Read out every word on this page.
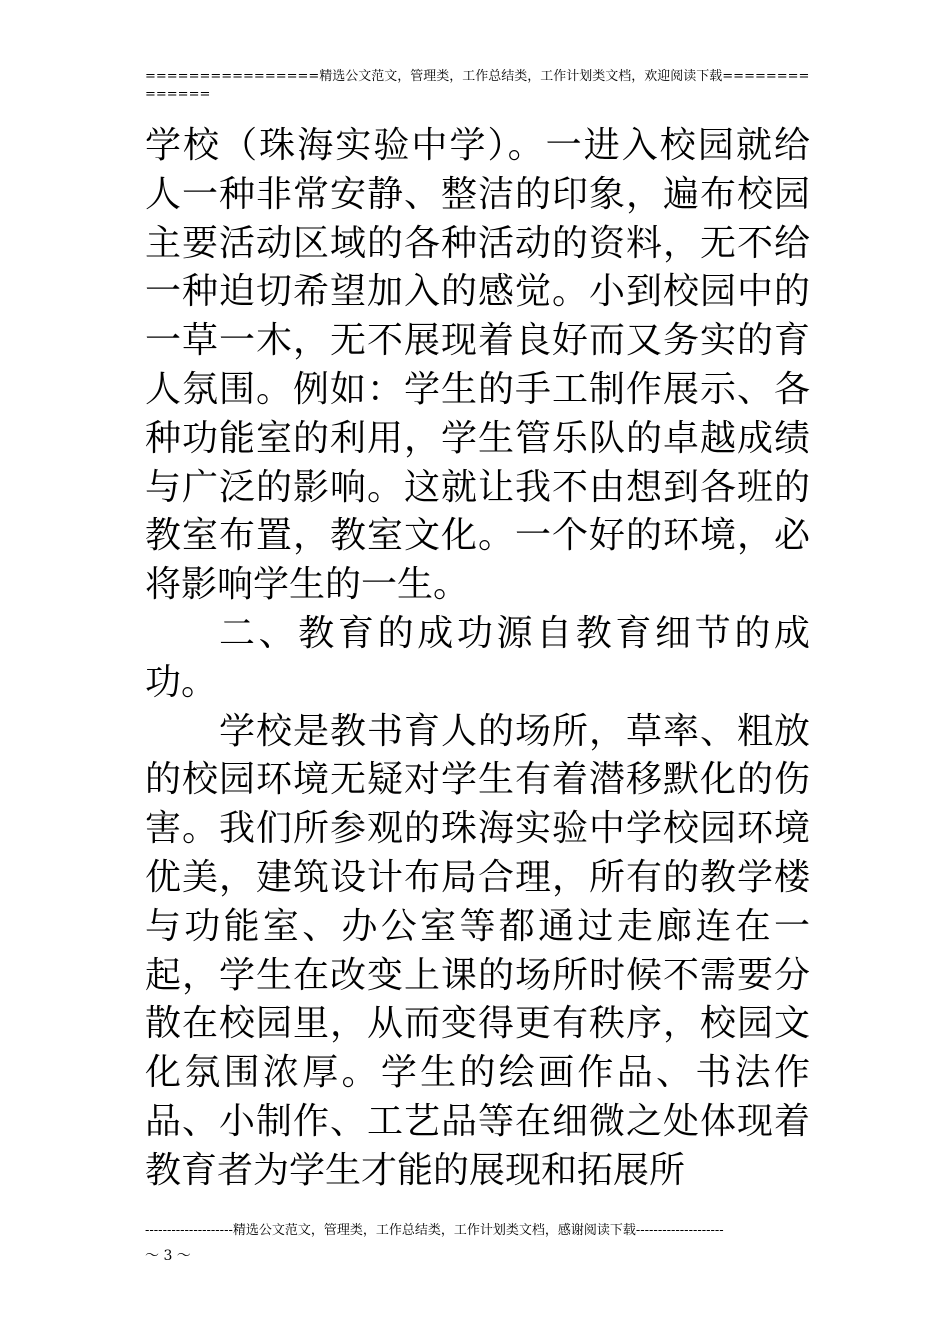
================精选公文范文，管理类，工作总结类，工作计划类文档，欢迎阅读下载==============

学校（珠海实验中学）。一进入校园就给人一种非常安静、整洁的印象，遍布校园主要活动区域的各种活动的资料，无不给一种迫切希望加入的感觉。小到校园中的一草一木，无不展现着良好而又务实的育人氛围。例如：学生的手工制作展示、各种功能室的利用，学生管乐队的卓越成绩与广泛的影响。这就让我不由想到各班的教室布置，教室文化。一个好的环境，必将影响学生的一生。

二、教育的成功源自教育细节的成功。

学校是教书育人的场所，草率、粗放的校园环境无疑对学生有着潜移默化的伤害。我们所参观的珠海实验中学校园环境优美，建筑设计布局合理，所有的教学楼与功能室、办公室等都通过走廊连在一起，学生在改变上课的场所时候不需要分散在校园里，从而变得更有秩序，校园文化氛围浓厚。学生的绘画作品、书法作品、小制作、工艺品等在细微之处体现着教育者为学生才能的展现和拓展所

--------------------精选公文范文，管理类，工作总结类，工作计划类文档，感谢阅读下载--------------------
～ 3 ～
